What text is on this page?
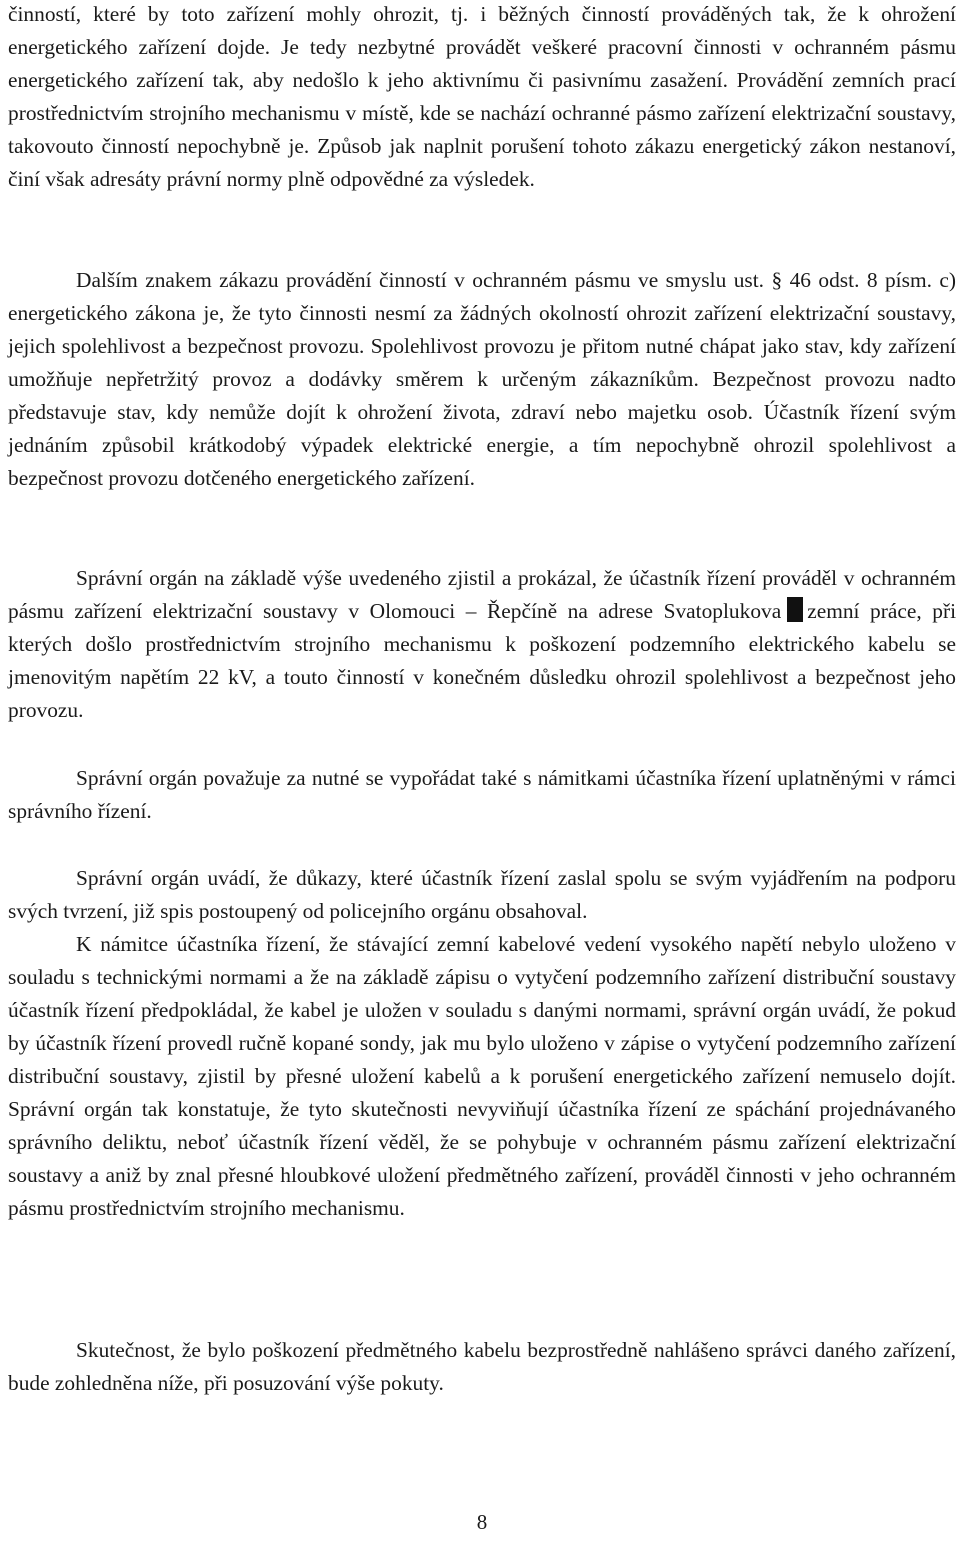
činností, které by toto zařízení mohly ohrozit, tj. i běžných činností prováděných tak, že k ohrožení energetického zařízení dojde. Je tedy nezbytné provádět veškeré pracovní činnosti v ochranném pásmu energetického zařízení tak, aby nedošlo k jeho aktivnímu či pasivnímu zasažení. Provádění zemních prací prostřednictvím strojního mechanismu v místě, kde se nachází ochranné pásmo zařízení elektrizační soustavy, takovouto činností nepochybně je. Způsob jak naplnit porušení tohoto zákazu energetický zákon nestanoví, činí však adresáty právní normy plně odpovědné za výsledek.

Dalším znakem zákazu provádění činností v ochranném pásmu ve smyslu ust. § 46 odst. 8 písm. c) energetického zákona je, že tyto činnosti nesmí za žádných okolností ohrozit zařízení elektrizační soustavy, jejich spolehlivost a bezpečnost provozu. Spolehlivost provozu je přitom nutné chápat jako stav, kdy zařízení umožňuje nepřetržitý provoz a dodávky směrem k určeným zákazníkům. Bezpečnost provozu nadto představuje stav, kdy nemůže dojít k ohrožení života, zdraví nebo majetku osob. Účastník řízení svým jednáním způsobil krátkodobý výpadek elektrické energie, a tím nepochybně ohrozil spolehlivost a bezpečnost provozu dotčeného energetického zařízení.

Správní orgán na základě výše uvedeného zjistil a prokázal, že účastník řízení prováděl v ochranném pásmu zařízení elektrizační soustavy v Olomouci – Řepčíně na adrese Svatoplukova zemní práce, při kterých došlo prostřednictvím strojního mechanismu k poškození podzemního elektrického kabelu se jmenovitým napětím 22 kV, a touto činností v konečném důsledku ohrozil spolehlivost a bezpečnost jeho provozu.

Správní orgán považuje za nutné se vypořádat také s námitkami účastníka řízení uplatněnými v rámci správního řízení.

Správní orgán uvádí, že důkazy, které účastník řízení zaslal spolu se svým vyjádřením na podporu svých tvrzení, již spis postoupený od policejního orgánu obsahoval.

K námitce účastníka řízení, že stávající zemní kabelové vedení vysokého napětí nebylo uloženo v souladu s technickými normami a že na základě zápisu o vytyčení podzemního zařízení distribuční soustavy účastník řízení předpokládal, že kabel je uložen v souladu s danými normami, správní orgán uvádí, že pokud by účastník řízení provedl ručně kopané sondy, jak mu bylo uloženo v zápise o vytyčení podzemního zařízení distribuční soustavy, zjistil by přesné uložení kabelů a k porušení energetického zařízení nemuselo dojít. Správní orgán tak konstatuje, že tyto skutečnosti nevyviňují účastníka řízení ze spáchání projednávaného správního deliktu, neboť účastník řízení věděl, že se pohybuje v ochranném pásmu zařízení elektrizační soustavy a aniž by znal přesné hloubkové uložení předmětného zařízení, prováděl činnosti v jeho ochranném pásmu prostřednictvím strojního mechanismu.

Skutečnost, že bylo poškození předmětného kabelu bezprostředně nahlášeno správci daného zařízení, bude zohledněna níže, při posuzování výše pokuty.

8
